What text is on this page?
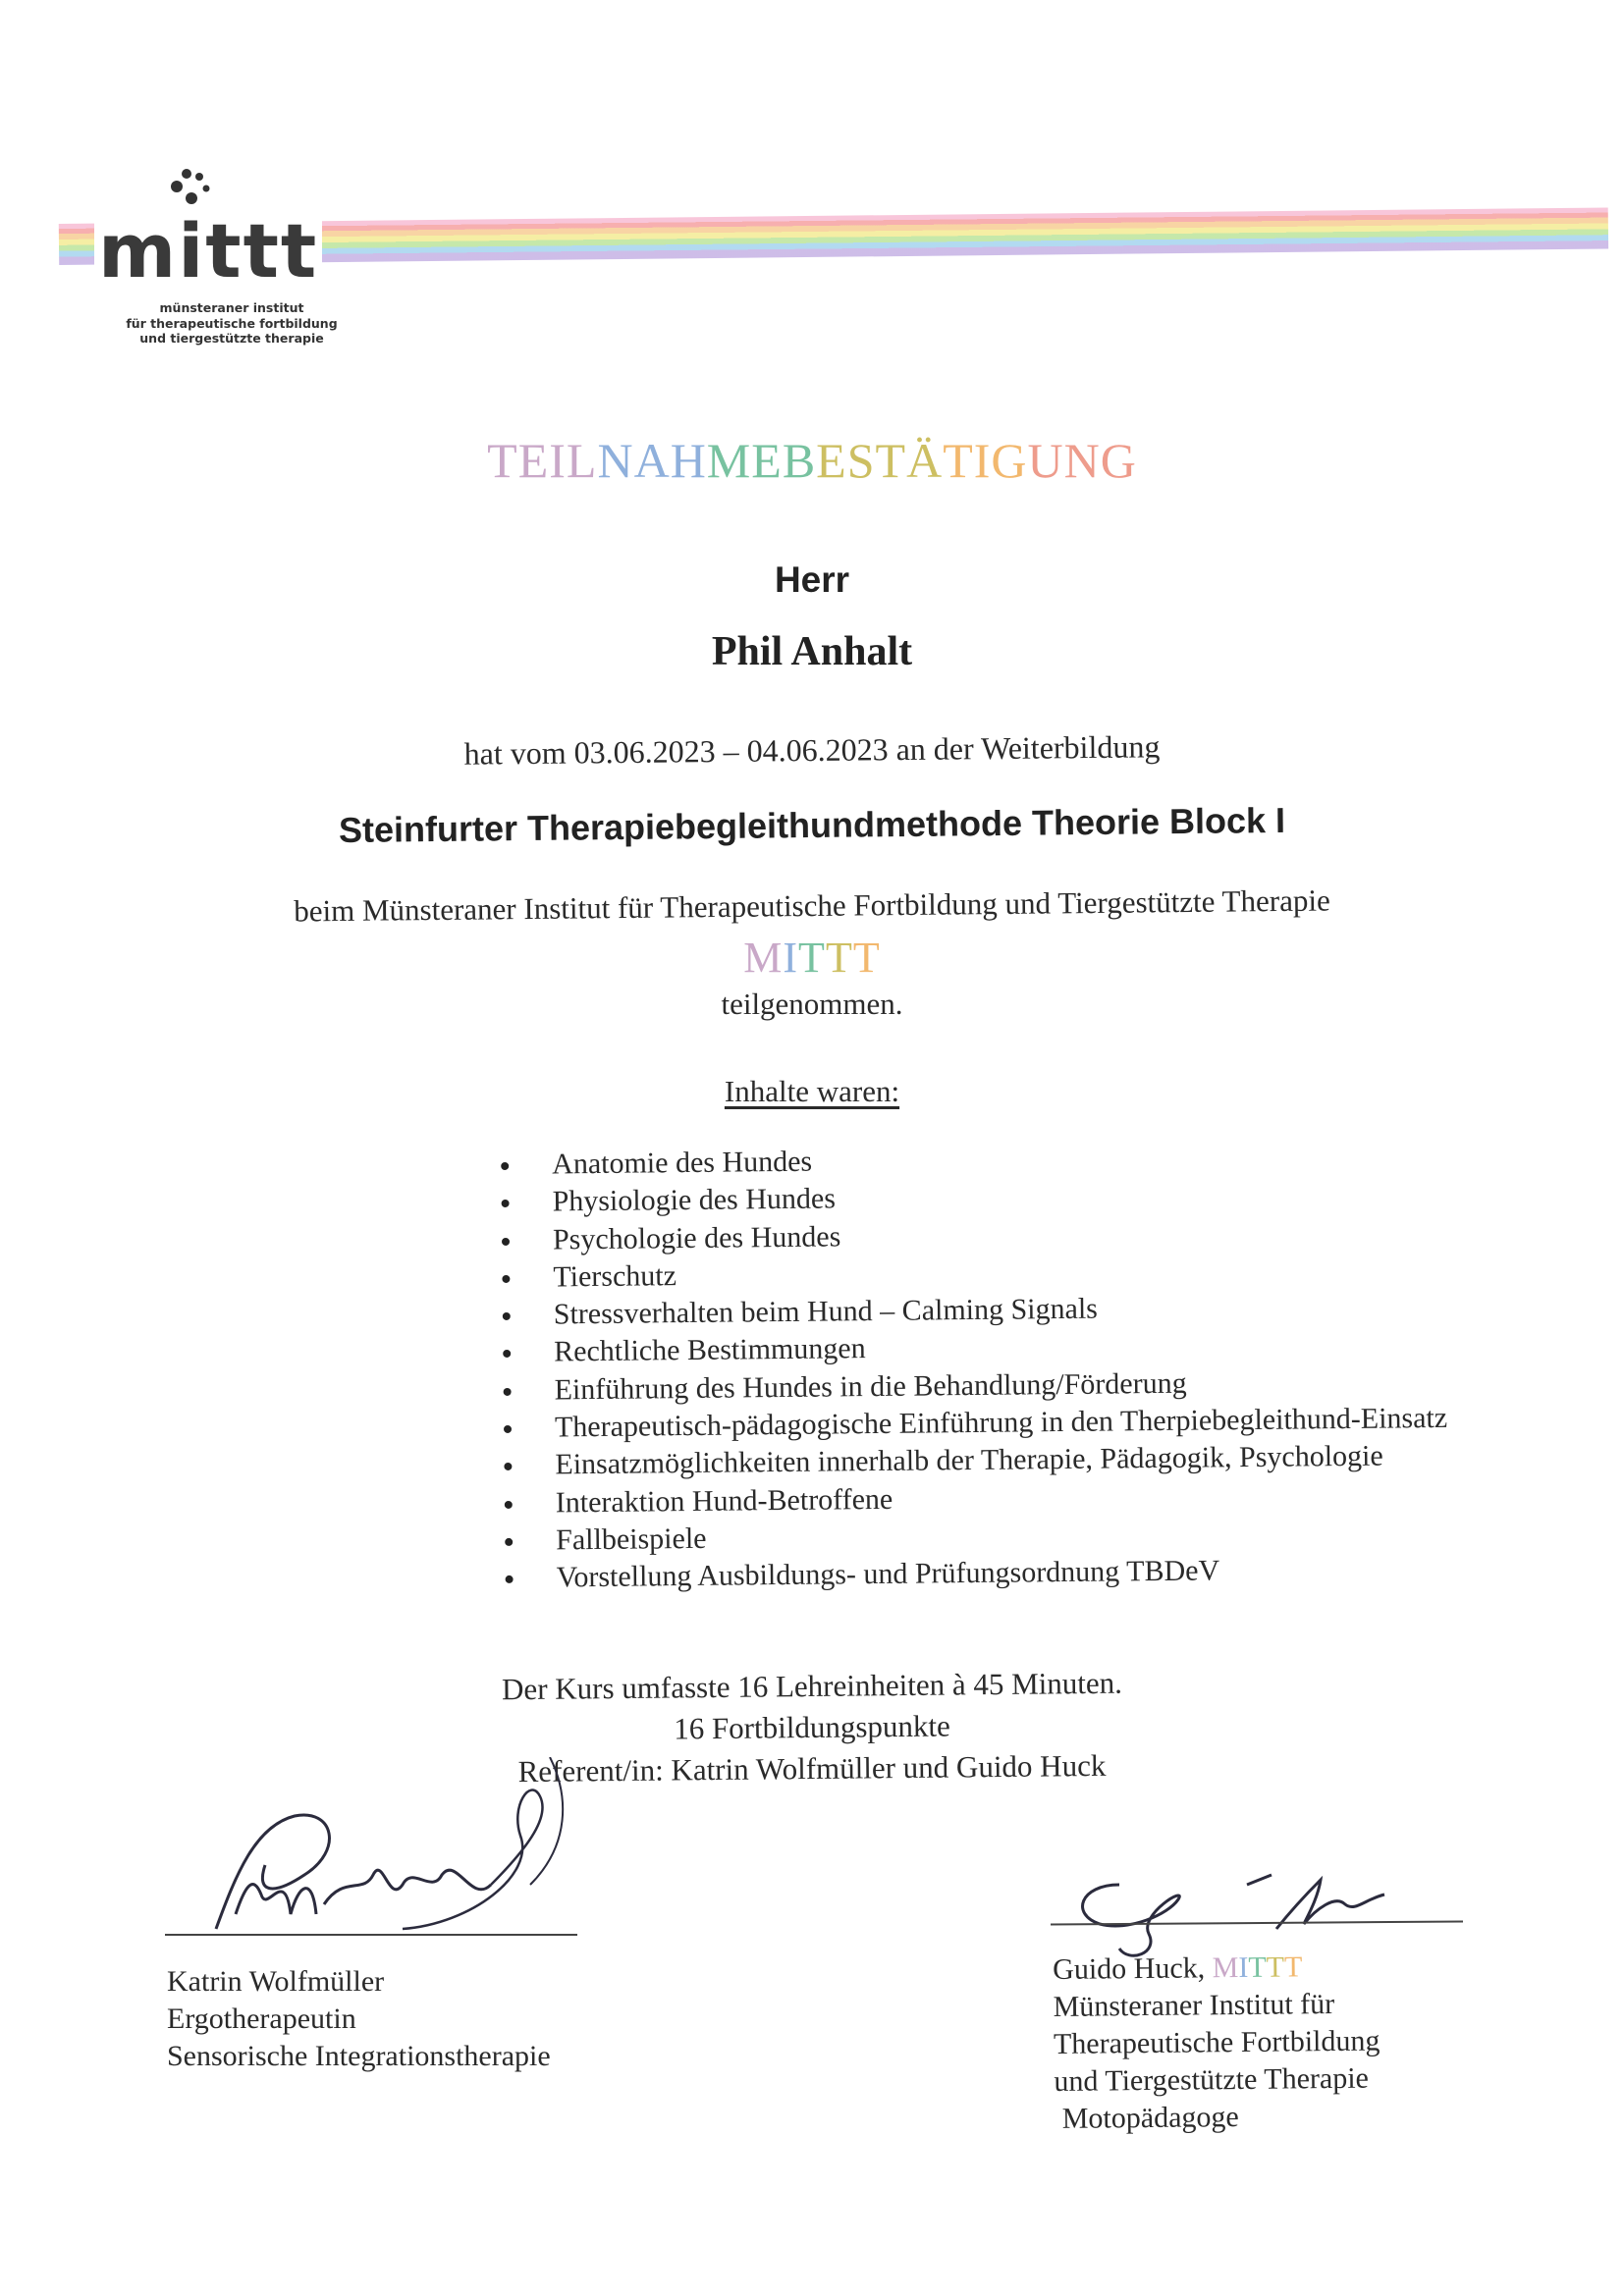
mittt
münsteraner institut
für therapeutische fortbildung
und tiergestützte therapie
TEILNAHMEBESTÄTIGUNG
Herr
Phil Anhalt
hat vom 03.06.2023 – 04.06.2023 an der Weiterbildung
Steinfurter Therapiebegleithundmethode Theorie Block I
beim Münsteraner Institut für Therapeutische Fortbildung und Tiergestützte Therapie
MITTT
teilgenommen.
Inhalte waren:
Anatomie des Hundes
Physiologie des Hundes
Psychologie des Hundes
Tierschutz
Stressverhalten beim Hund – Calming Signals
Rechtliche Bestimmungen
Einführung des Hundes in die Behandlung/Förderung
Therapeutisch-pädagogische Einführung in den Therpiebegleithund-Einsatz
Einsatzmöglichkeiten innerhalb der Therapie, Pädagogik, Psychologie
Interaktion Hund-Betroffene
Fallbeispiele
Vorstellung Ausbildungs- und Prüfungsordnung TBDeV
Der Kurs umfasste 16 Lehreinheiten à 45 Minuten.
16 Fortbildungspunkte
Referent/in: Katrin Wolfmüller und Guido Huck
Katrin Wolfmüller
Ergotherapeutin
Sensorische Integrationstherapie
Guido Huck, MITTT
Münsteraner Institut für
Therapeutische Fortbildung
und Tiergestützte Therapie
Motopädagoge
